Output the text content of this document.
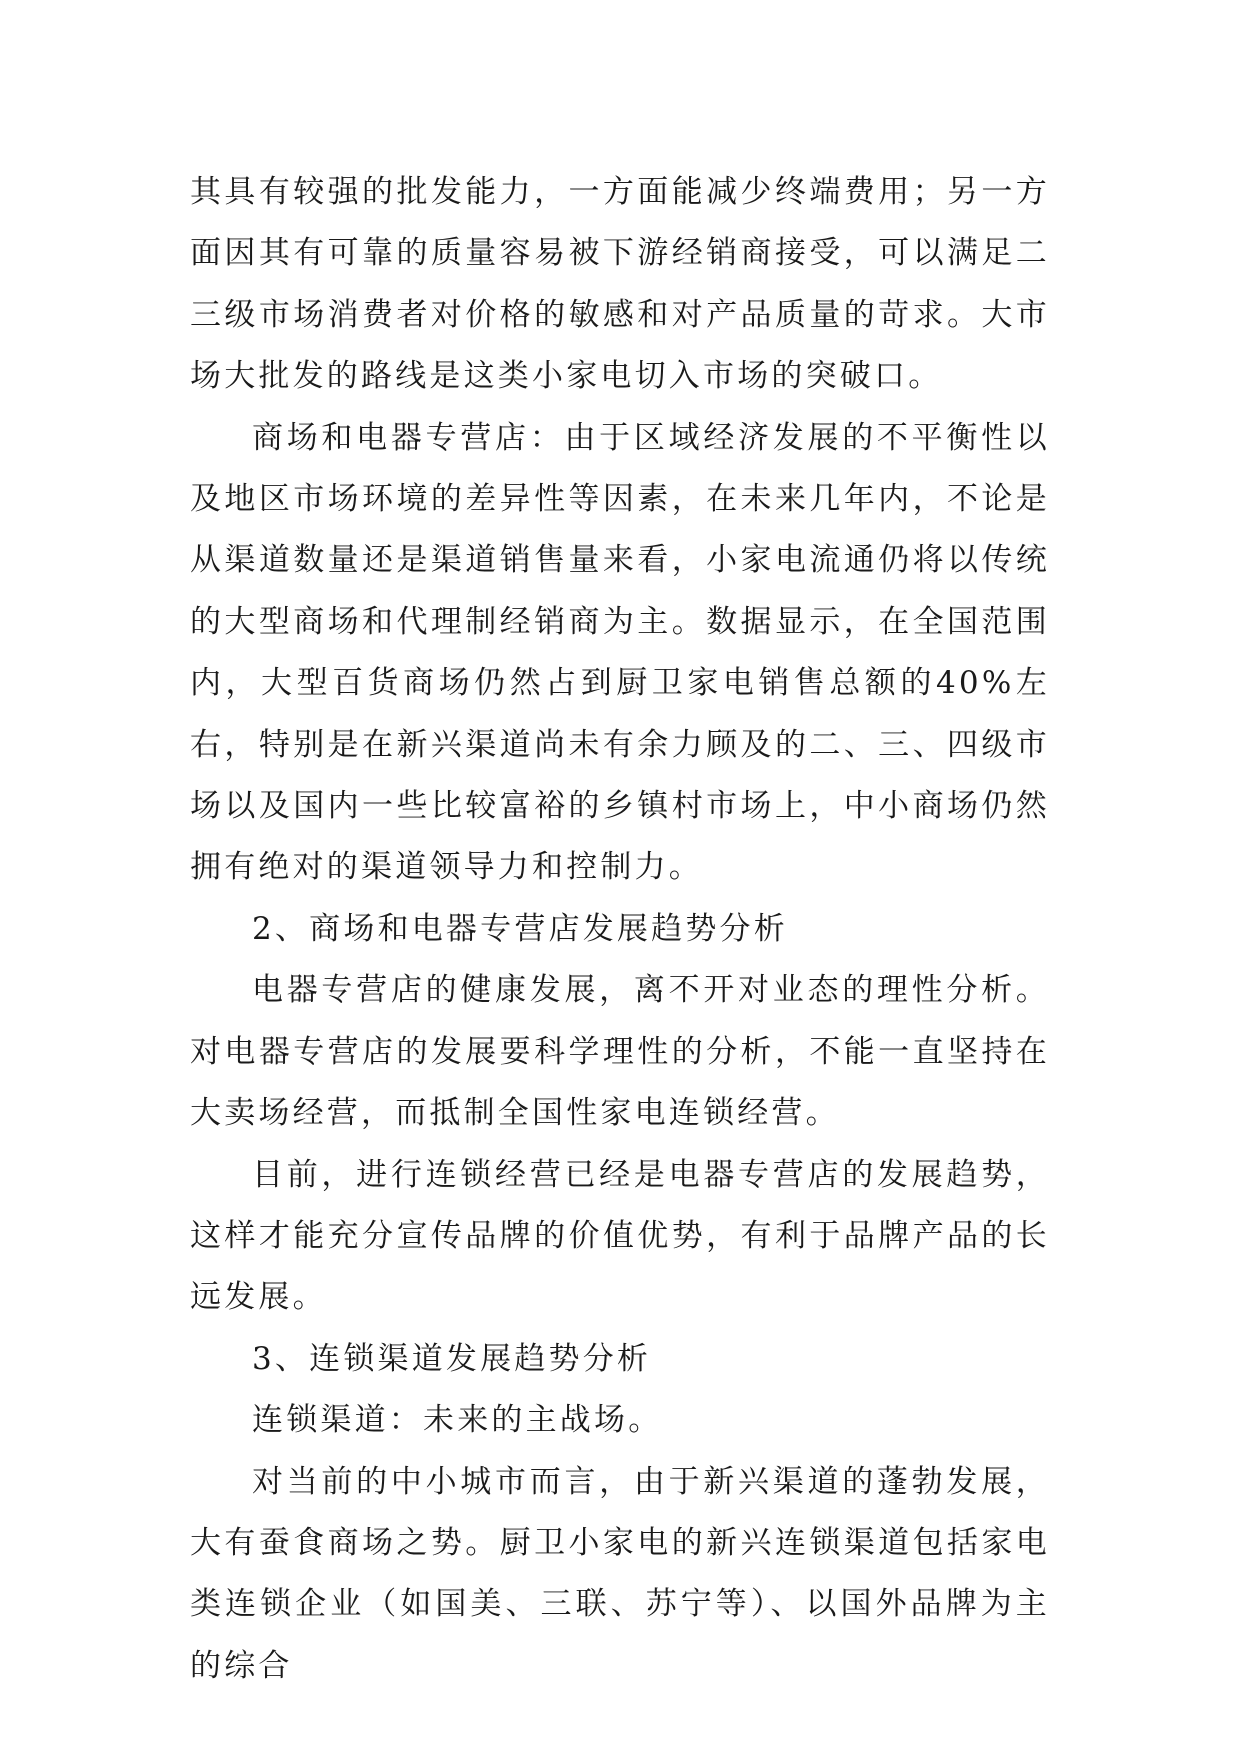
其具有较强的批发能力，一方面能减少终端费用；另一方面因其有可靠的质量容易被下游经销商接受，可以满足二三级市场消费者对价格的敏感和对产品质量的苛求。大市场大批发的路线是这类小家电切入市场的突破口。

商场和电器专营店：由于区域经济发展的不平衡性以及地区市场环境的差异性等因素，在未来几年内，不论是从渠道数量还是渠道销售量来看，小家电流通仍将以传统的大型商场和代理制经销商为主。数据显示，在全国范围内，大型百货商场仍然占到厨卫家电销售总额的40%左右，特别是在新兴渠道尚未有余力顾及的二、三、四级市场以及国内一些比较富裕的乡镇村市场上，中小商场仍然拥有绝对的渠道领导力和控制力。

2、商场和电器专营店发展趋势分析

电器专营店的健康发展，离不开对业态的理性分析。对电器专营店的发展要科学理性的分析，不能一直坚持在大卖场经营，而抵制全国性家电连锁经营。

目前，进行连锁经营已经是电器专营店的发展趋势，这样才能充分宣传品牌的价值优势，有利于品牌产品的长远发展。

3、连锁渠道发展趋势分析

连锁渠道：未来的主战场。

对当前的中小城市而言，由于新兴渠道的蓬勃发展，大有蚕食商场之势。厨卫小家电的新兴连锁渠道包括家电类连锁企业（如国美、三联、苏宁等）、以国外品牌为主的综合
